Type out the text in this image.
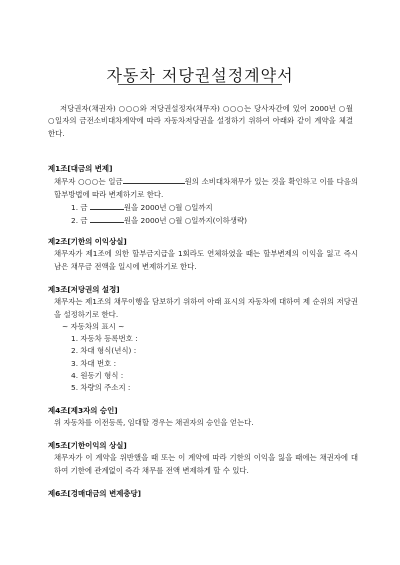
자동차 저당권설정계약서
저당권자(채권자) ○○○와 저당권설정자(채무자) ○○○는 당사자간에 있어 2000년 ○월 ○일자의 금전소비대차계약에 따라 자동차저당권을 설정하기 위하여 아래와 같이 계약을 체결한다.
제1조[대금의 변제]
채무자 ○○○는 일금	원의 소비대차채무가 있는 것을 확인하고 이를 다음의 할부방법에 따라 변제하기로 한다.
1. 금	원을 2000년 ○월 ○일까지
2. 금	원을 2000년 ○월 ○일까지(이하생략)
제2조[기한의 이익상실]
채무자가 제1조에 의한 할부금지급을 1회라도 연체하였을 때는 할부변제의 이익을 잃고 즉시 남은 채무금 전액을 일시에 변제하기로 한다.
제3조[저당권의 설정]
채무자는 제1조의 채무이행을 담보하기 위하여 아래 표시의 자동차에 대하여 제 순위의 저당권을 설정하기로 한다.
~ 자동차의 표시 ~
1. 자동차 등록번호 :
2. 차대 형식(년식) :
3. 차대 번호 :
4. 원동기 형식 :
5. 차량의 주소지 :
제4조[제3자의 승인]
위 자동차를 이전등록, 임대할 경우는 채권자의 승인을 얻는다.
제5조[기한이익의 상실]
채무자가 이 계약을 위반했을 때 또는 이 계약에 따라 기한의 이익을 잃을 때에는 채권자에 대하여 기한에 관계없이 즉각 채무를 전액 변제하게 할 수 있다.
제6조[경매대금의 변제충당]
